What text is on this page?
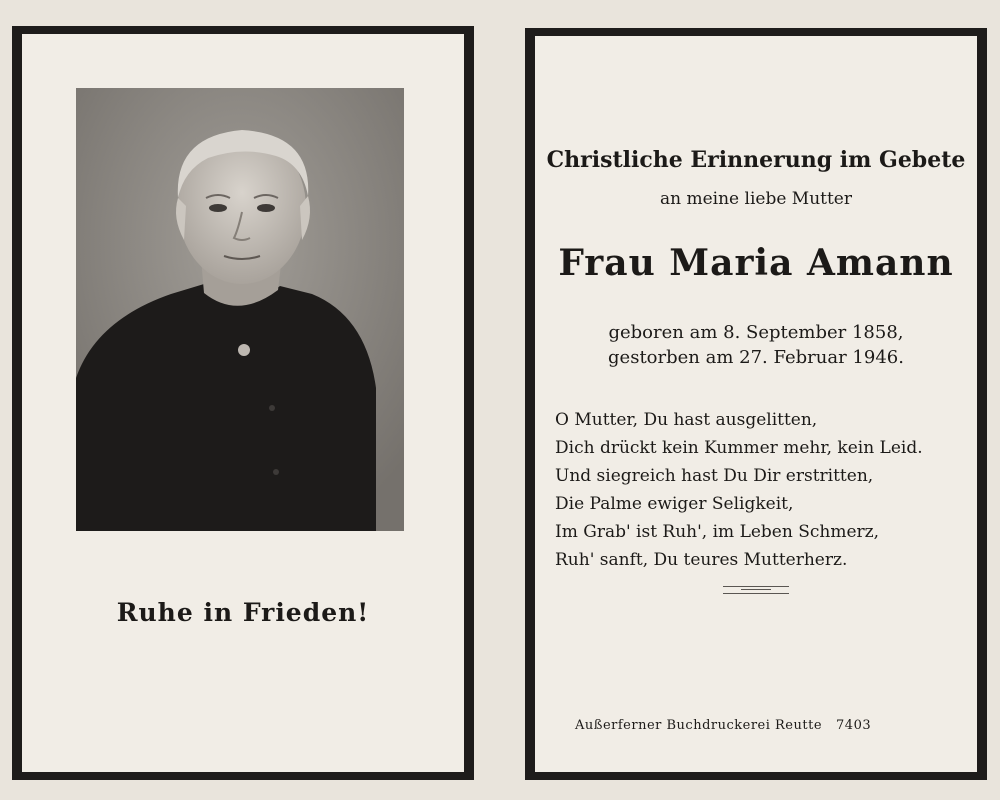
Ruhe in Frieden!
Christliche Erinnerung im Gebete
an meine liebe Mutter
Frau Maria Amann
geboren am 8. September 1858,
gestorben am 27. Februar 1946.
O Mutter, Du hast ausgelitten,
Dich drückt kein Kummer mehr, kein Leid.
Und siegreich hast Du Dir erstritten,
Die Palme ewiger Seligkeit,
Im Grab' ist Ruh', im Leben Schmerz,
Ruh' sanft, Du teures Mutterherz.
Außerferner Buchdruckerei Reutte 7403
